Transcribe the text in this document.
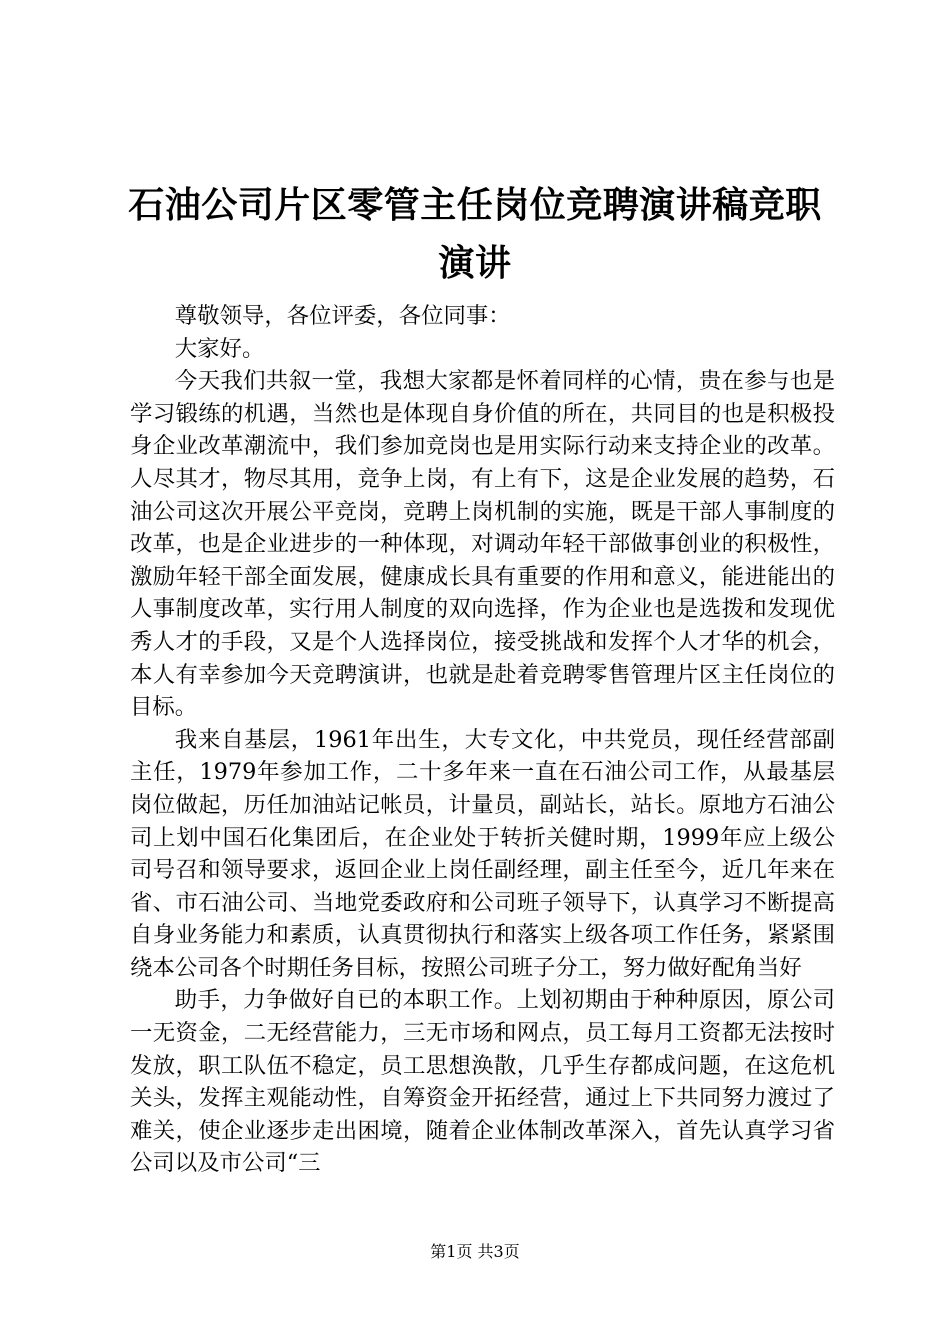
石油公司片区零管主任岗位竞聘演讲稿竞职演讲

尊敬领导，各位评委，各位同事：

大家好。

今天我们共叙一堂，我想大家都是怀着同样的心情，贵在参与也是学习锻练的机遇，当然也是体现自身价值的所在，共同目的也是积极投身企业改革潮流中，我们参加竞岗也是用实际行动来支持企业的改革。人尽其才，物尽其用，竞争上岗，有上有下，这是企业发展的趋势，石油公司这次开展公平竞岗，竞聘上岗机制的实施，既是干部人事制度的改革，也是企业进步的一种体现，对调动年轻干部做事创业的积极性，激励年轻干部全面发展，健康成长具有重要的作用和意义，能进能出的人事制度改革，实行用人制度的双向选择，作为企业也是选拨和发现优秀人才的手段，又是个人选择岗位，接受挑战和发挥个人才华的机会，本人有幸参加今天竞聘演讲，也就是赴着竞聘零售管理片区主任岗位的目标。

我来自基层，1961年出生，大专文化，中共党员，现任经营部副主任，1979年参加工作，二十多年来一直在石油公司工作，从最基层岗位做起，历任加油站记帐员，计量员，副站长，站长。原地方石油公司上划中国石化集团后，在企业处于转折关健时期，1999年应上级公司号召和领导要求，返回企业上岗任副经理，副主任至今，近几年来在省、市石油公司、当地党委政府和公司班子领导下，认真学习不断提高自身业务能力和素质，认真贯彻执行和落实上级各项工作任务，紧紧围绕本公司各个时期任务目标，按照公司班子分工，努力做好配角当好

助手，力争做好自已的本职工作。上划初期由于种种原因，原公司一无资金，二无经营能力，三无市场和网点，员工每月工资都无法按时发放，职工队伍不稳定，员工思想涣散，几乎生存都成问题，在这危机关头，发挥主观能动性，自筹资金开拓经营，通过上下共同努力渡过了难关，使企业逐步走出困境，随着企业体制改革深入，首先认真学习省公司以及市公司“三

第1页 共3页
